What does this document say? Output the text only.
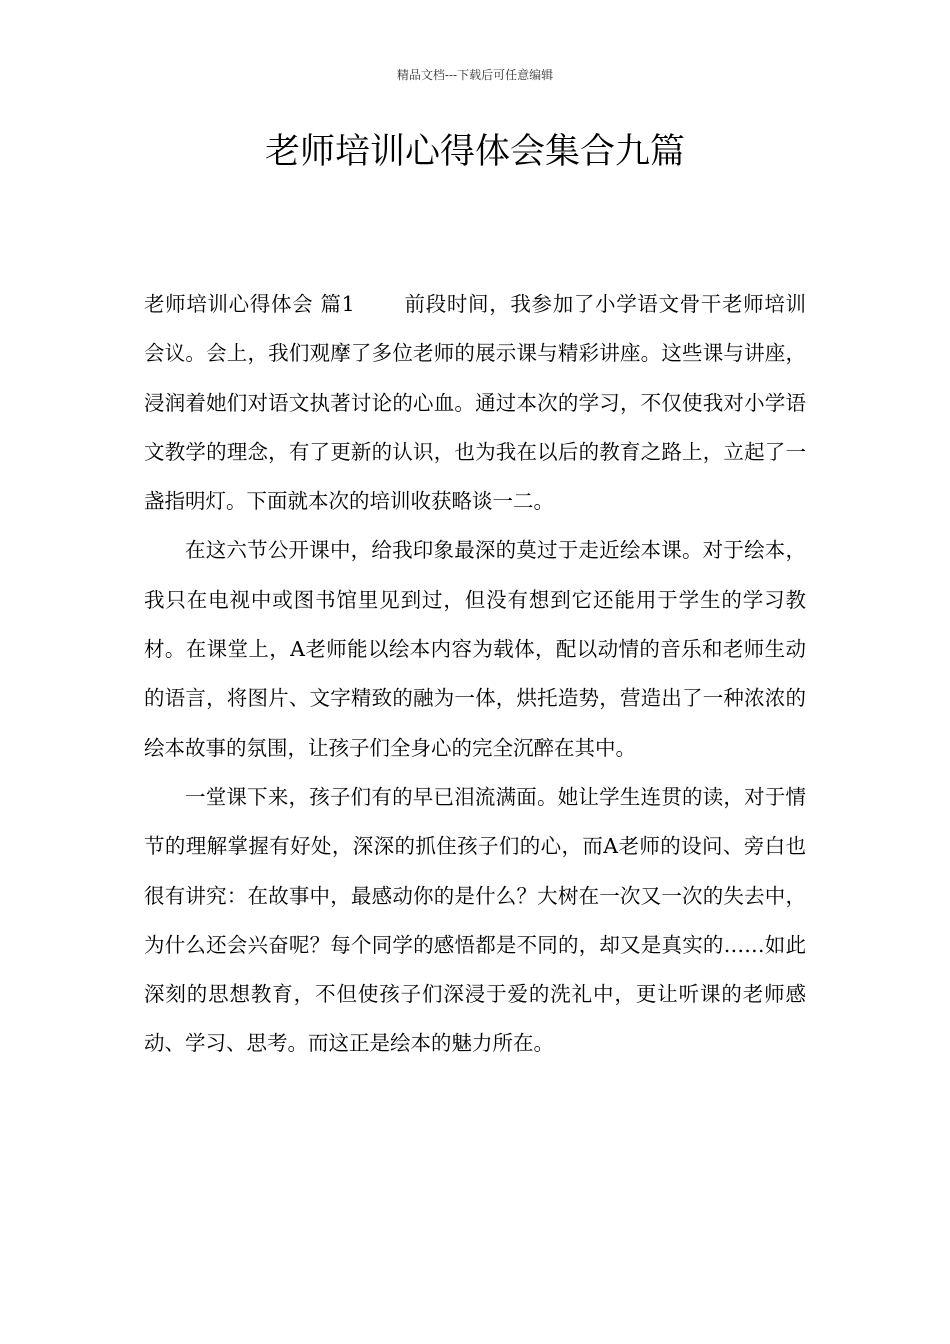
精品文档---下载后可任意编辑
老师培训心得体会集合九篇

老师培训心得体会 篇1 前段时间，我参加了小学语文骨干老师培训会议。会上，我们观摩了多位老师的展示课与精彩讲座。这些课与讲座，浸润着她们对语文执著讨论的心血。通过本次的学习，不仅使我对小学语文教学的理念，有了更新的认识，也为我在以后的教育之路上，立起了一盏指明灯。下面就本次的培训收获略谈一二。

在这六节公开课中，给我印象最深的莫过于走近绘本课。对于绘本，我只在电视中或图书馆里见到过，但没有想到它还能用于学生的学习教材。在课堂上，A老师能以绘本内容为载体，配以动情的音乐和老师生动的语言，将图片、文字精致的融为一体，烘托造势，营造出了一种浓浓的绘本故事的氛围，让孩子们全身心的完全沉醉在其中。

一堂课下来，孩子们有的早已泪流满面。她让学生连贯的读，对于情节的理解掌握有好处，深深的抓住孩子们的心，而A老师的设问、旁白也很有讲究：在故事中，最感动你的是什么？大树在一次又一次的失去中，为什么还会兴奋呢？每个同学的感悟都是不同的，却又是真实的……如此深刻的思想教育，不但使孩子们深浸于爱的洗礼中，更让听课的老师感动、学习、思考。而这正是绘本的魅力所在。
